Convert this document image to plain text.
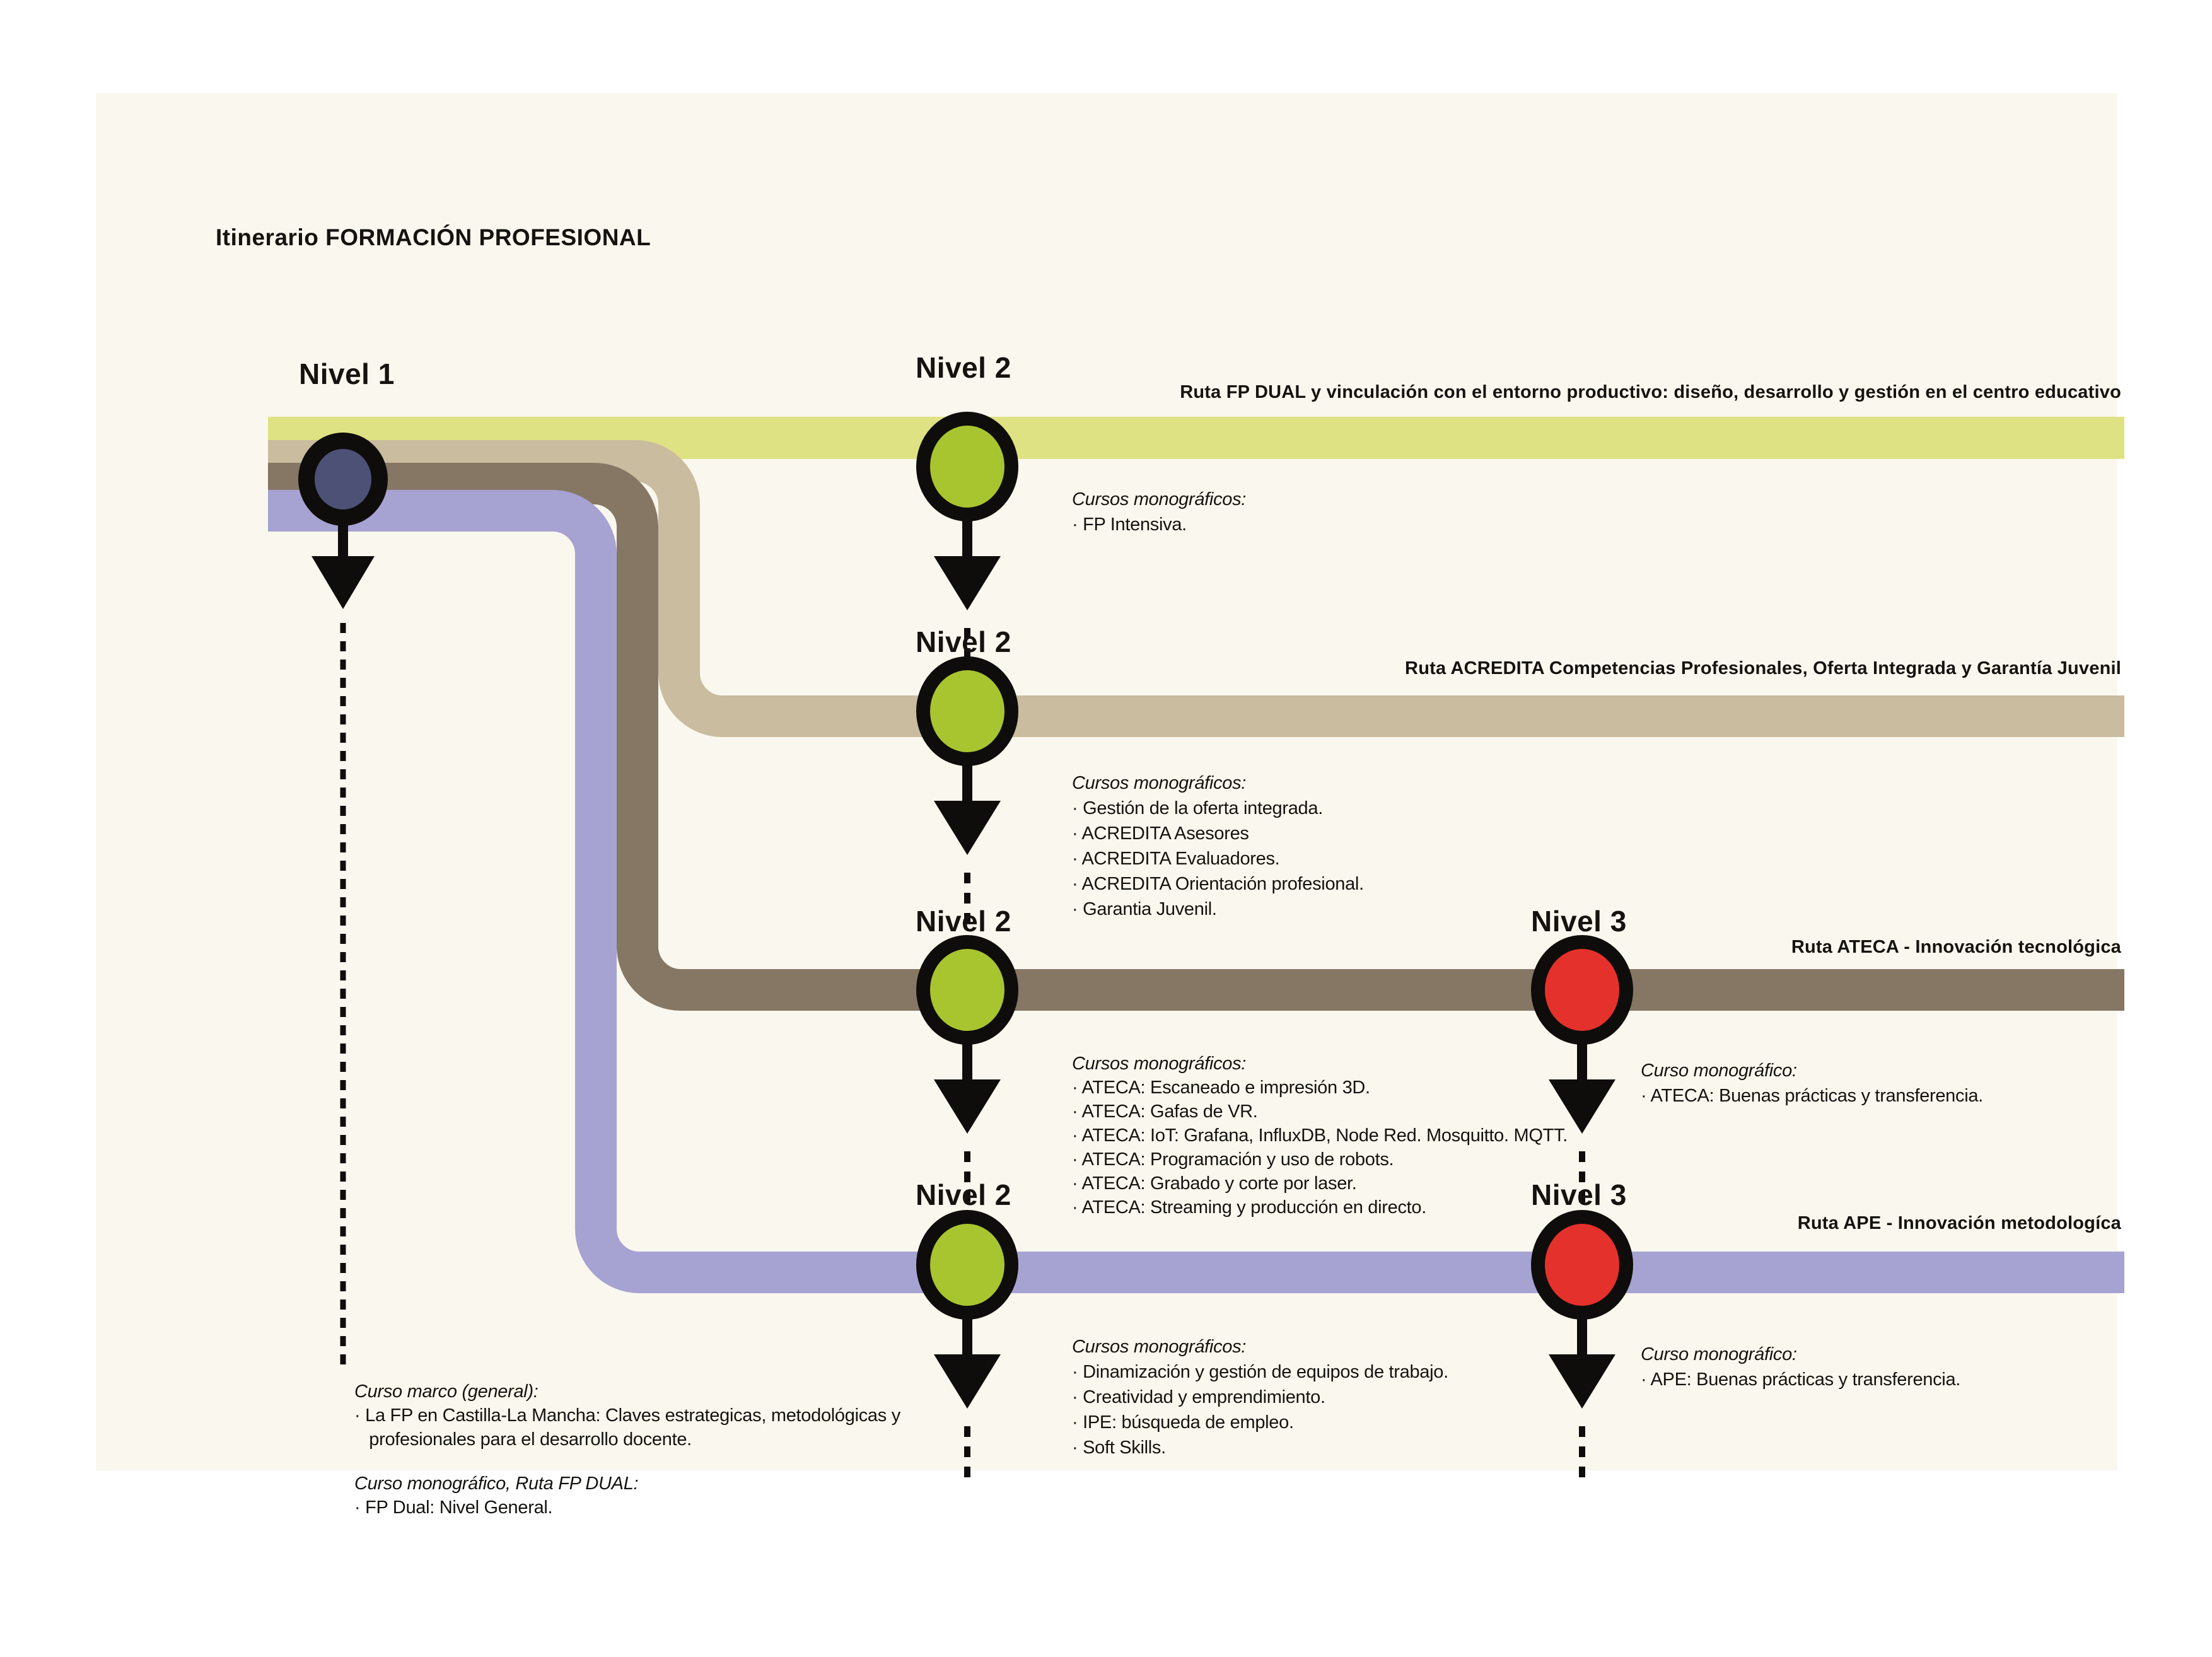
Itinerario FORMACIÓN PROFESIONAL
Nivel 1	Nivel 2
Nivel 2
Nivel 2
Nivel 2
Nivel 3
Nivel 3
Ruta FP DUAL y vinculación con el entorno productivo: diseño, desarrollo y gestión en el centro educativo
Ruta ACREDITA Competencias Profesionales, Oferta Integrada y Garantía Juvenil
Ruta ATECA - Innovación tecnológica
Ruta APE - Innovación metodologíca
Cursos monográficos:
· FP Intensiva.
Cursos monográficos:
· Gestión de la oferta integrada.
· ACREDITA Asesores
· ACREDITA Evaluadores.
· ACREDITA Orientación profesional.
· Garantia Juvenil.
Cursos monográficos:
· ATECA: Escaneado e impresión 3D.
· ATECA: Gafas de VR.
· ATECA: IoT: Grafana, InfluxDB, Node Red. Mosquitto. MQTT.
· ATECA: Programación y uso de robots.
· ATECA: Grabado y corte por laser.
· ATECA: Streaming y producción en directo.
Cursos monográficos:
· Dinamización y gestión de equipos de trabajo.
· Creatividad y emprendimiento.
· IPE: búsqueda de empleo.
· Soft Skills.
Curso monográfico:
· ATECA: Buenas prácticas y transferencia.
Curso monográfico:
· APE: Buenas prácticas y transferencia.
Curso marco (general):
· La FP en Castilla-La Mancha: Claves estrategicas, metodológicas y
profesionales para el desarrollo docente.
Curso monográfico, Ruta FP DUAL:
· FP Dual: Nivel General.
